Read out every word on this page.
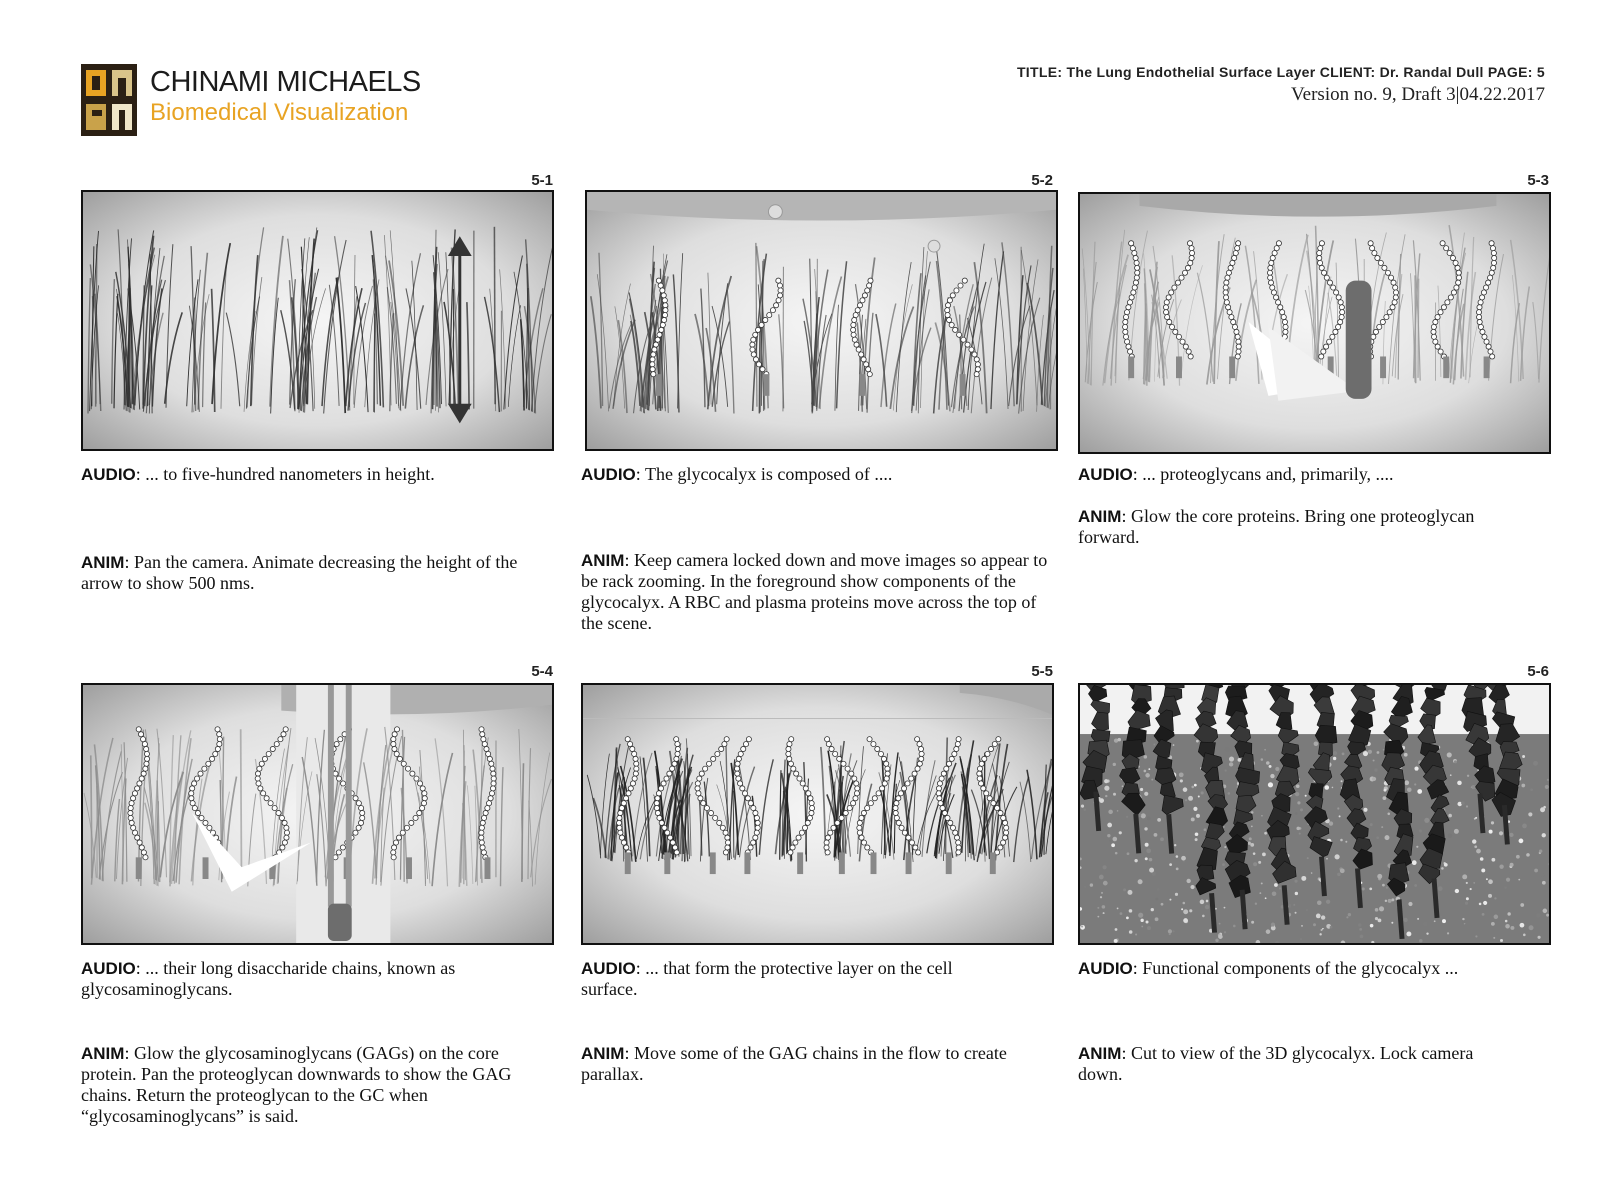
CHINAMI MICHAELS
Biomedical Visualization
TITLE: The Lung Endothelial Surface Layer CLIENT: Dr. Randal Dull PAGE: 5
Version no. 9, Draft 3|04.22.2017
5-1	5-2	5-3
5-4	5-5	5-6
AUDIO: ... to five-hundred nanometers in height.
ANIM: Pan the camera. Animate decreasing the height of the arrow to show 500 nms.
AUDIO: The glycocalyx is composed of ....
ANIM: Keep camera locked down and move images so appear to be rack zooming. In the foreground show components of the glycocalyx. A RBC and plasma proteins move across the top of the scene.
AUDIO: ... proteoglycans and, primarily, ....
ANIM: Glow the core proteins. Bring one proteoglycan forward.
AUDIO: ... their long disaccharide chains, known as glycosaminoglycans.
ANIM: Glow the glycosaminoglycans (GAGs) on the core protein. Pan the proteoglycan downwards to show the GAG chains. Return the proteoglycan to the GC when “glycosaminoglycans” is said.
AUDIO: ... that form the protective layer on the cell surface.
ANIM: Move some of the GAG chains in the flow to create parallax.
AUDIO: Functional components of the glycocalyx ...
ANIM: Cut to view of the 3D glycocalyx. Lock camera down.
